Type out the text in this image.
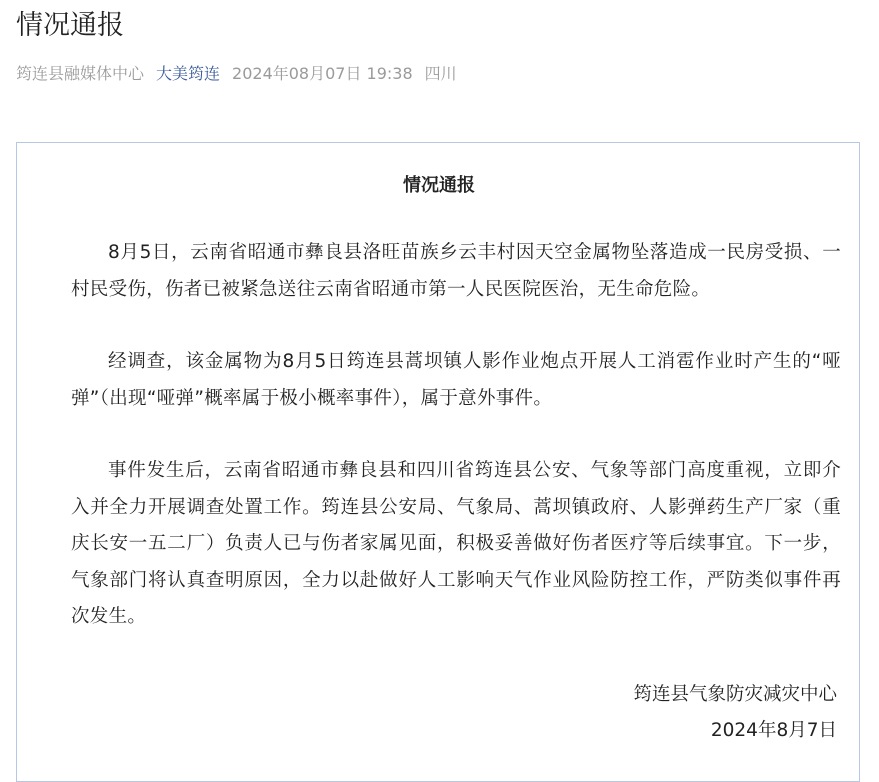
情况通报
筠连县融媒体中心 大美筠连 2024年08月07日 19:38 四川
情况通报

8月5日，云南省昭通市彝良县洛旺苗族乡云丰村因天空金属物坠落造成一民房受损、一村民受伤，伤者已被紧急送往云南省昭通市第一人民医院医治，无生命危险。

经调查，该金属物为8月5日筠连县蒿坝镇人影作业炮点开展人工消雹作业时产生的“哑弹”（出现“哑弹”概率属于极小概率事件），属于意外事件。

事件发生后，云南省昭通市彝良县和四川省筠连县公安、气象等部门高度重视，立即介入并全力开展调查处置工作。筠连县公安局、气象局、蒿坝镇政府、人影弹药生产厂家（重庆长安一五二厂）负责人已与伤者家属见面，积极妥善做好伤者医疗等后续事宜。下一步，气象部门将认真查明原因，全力以赴做好人工影响天气作业风险防控工作，严防类似事件再次发生。

筠连县气象防灾减灾中心
2024年8月7日
